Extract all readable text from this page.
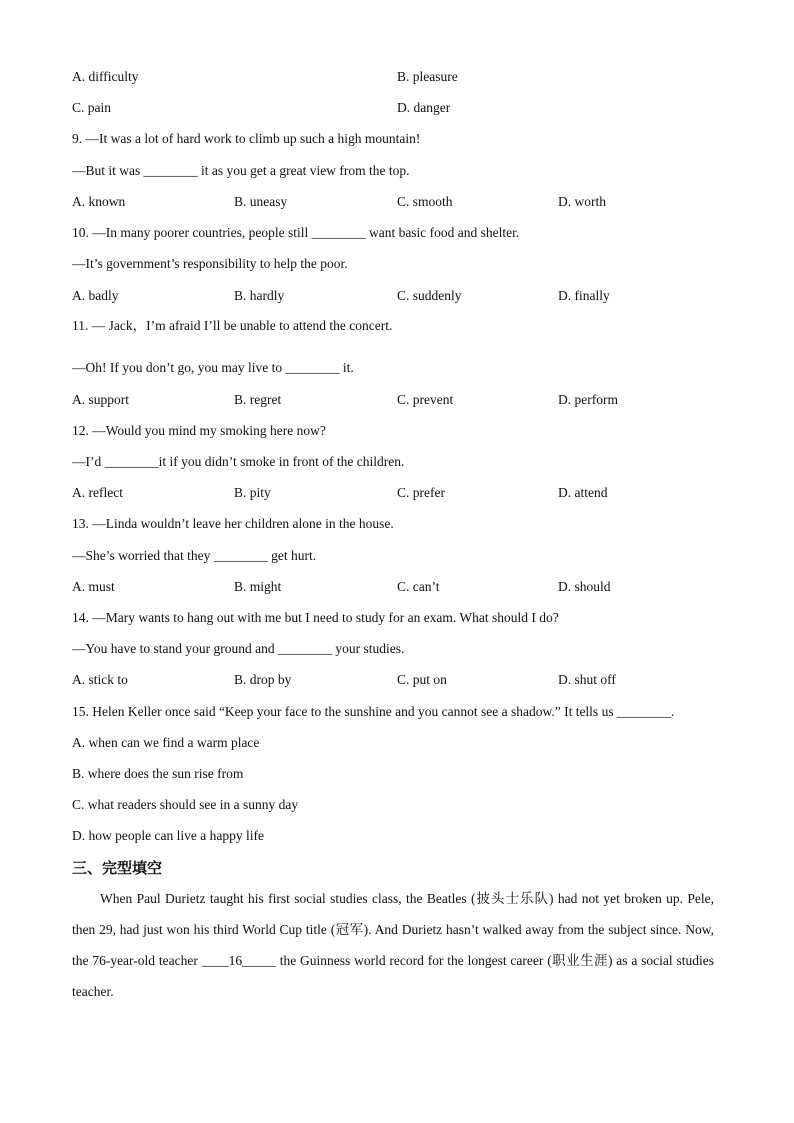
A. difficulty	B. pleasure
C. pain	D. danger
9. —It was a lot of hard work to climb up such a high mountain!
—But it was ________ it as you get a great view from the top.
A. known	B. uneasy	C. smooth	D. worth
10. —In many poorer countries, people still ________ want basic food and shelter.
—It’s government’s responsibility to help the poor.
A. badly	B. hardly	C. suddenly	D. finally
11. — Jack，I’m afraid I’ll be unable to attend the concert.
—Oh! If you don’t go, you may live to ________ it.
A. support	B. regret	C. prevent	D. perform
12. —Would you mind my smoking here now?
—I’d ________it if you didn’t smoke in front of the children.
A. reflect	B. pity	C. prefer	D. attend
13. —Linda wouldn’t leave her children alone in the house.
—She’s worried that they ________ get hurt.
A. must	B. might	C. can’t	D. should
14. —Mary wants to hang out with me but I need to study for an exam. What should I do?
—You have to stand your ground and ________ your studies.
A. stick to	B. drop by	C. put on	D. shut off
15. Helen Keller once said “Keep your face to the sunshine and you cannot see a shadow.” It tells us ________.
A. when can we find a warm place
B. where does the sun rise from
C. what readers should see in a sunny day
D. how people can live a happy life
三、完型填空
When Paul Durietz taught his first social studies class, the Beatles (披头士乐队) had not yet broken up. Pele, then 29, had just won his third World Cup title (冠军). And Durietz hasn’t walked away from the subject since. Now, the 76-year-old teacher ____16_____ the Guinness world record for the longest career (职业生涯) as a social studies teacher.
